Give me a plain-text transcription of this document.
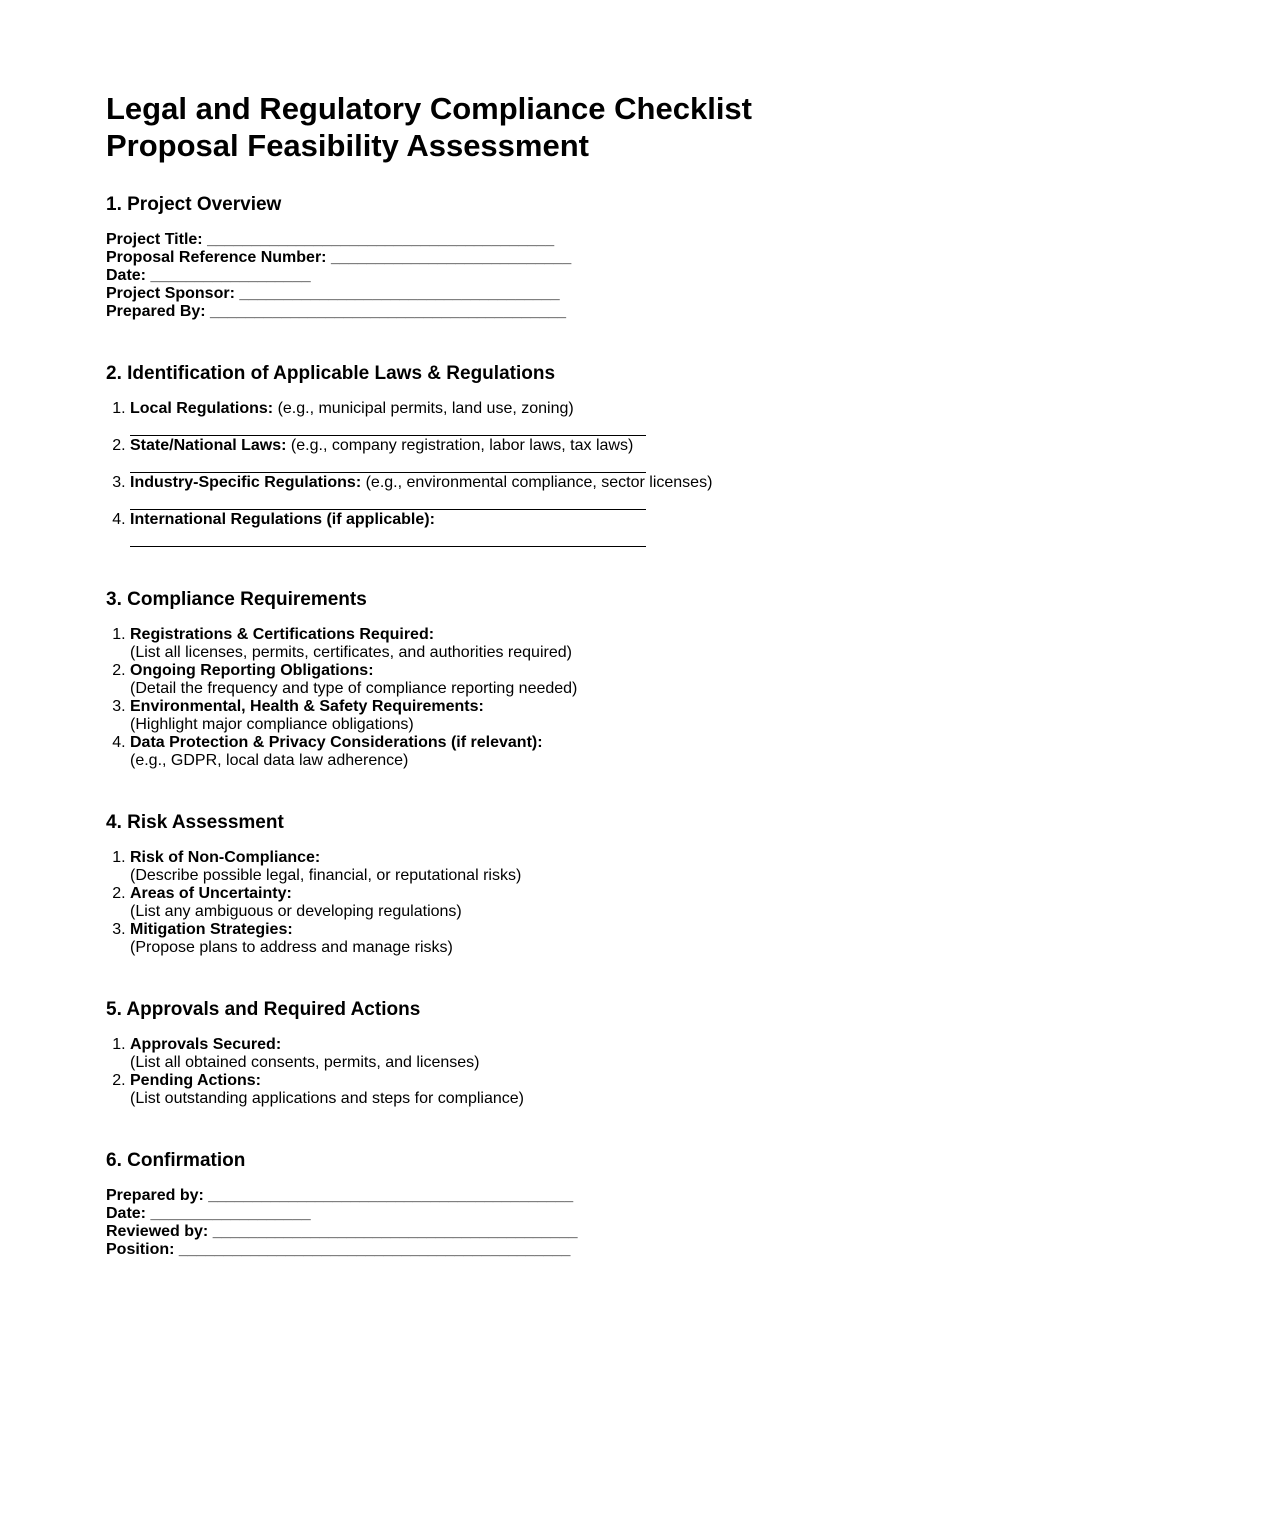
Legal and Regulatory Compliance Checklist
Proposal Feasibility Assessment
1. Project Overview
Project Title: _______________________________________
Proposal Reference Number: ___________________________
Date: __________________
Project Sponsor: ____________________________________
Prepared By: ________________________________________
2. Identification of Applicable Laws & Regulations
1. Local Regulations: (e.g., municipal permits, land use, zoning)
2. State/National Laws: (e.g., company registration, labor laws, tax laws)
3. Industry-Specific Regulations: (e.g., environmental compliance, sector licenses)
4. International Regulations (if applicable):
3. Compliance Requirements
1. Registrations & Certifications Required:
(List all licenses, permits, certificates, and authorities required)
2. Ongoing Reporting Obligations:
(Detail the frequency and type of compliance reporting needed)
3. Environmental, Health & Safety Requirements:
(Highlight major compliance obligations)
4. Data Protection & Privacy Considerations (if relevant):
(e.g., GDPR, local data law adherence)
4. Risk Assessment
1. Risk of Non-Compliance:
(Describe possible legal, financial, or reputational risks)
2. Areas of Uncertainty:
(List any ambiguous or developing regulations)
3. Mitigation Strategies:
(Propose plans to address and manage risks)
5. Approvals and Required Actions
1. Approvals Secured:
(List all obtained consents, permits, and licenses)
2. Pending Actions:
(List outstanding applications and steps for compliance)
6. Confirmation
Prepared by: _________________________________________
Date: __________________
Reviewed by: _________________________________________
Position: ____________________________________________
